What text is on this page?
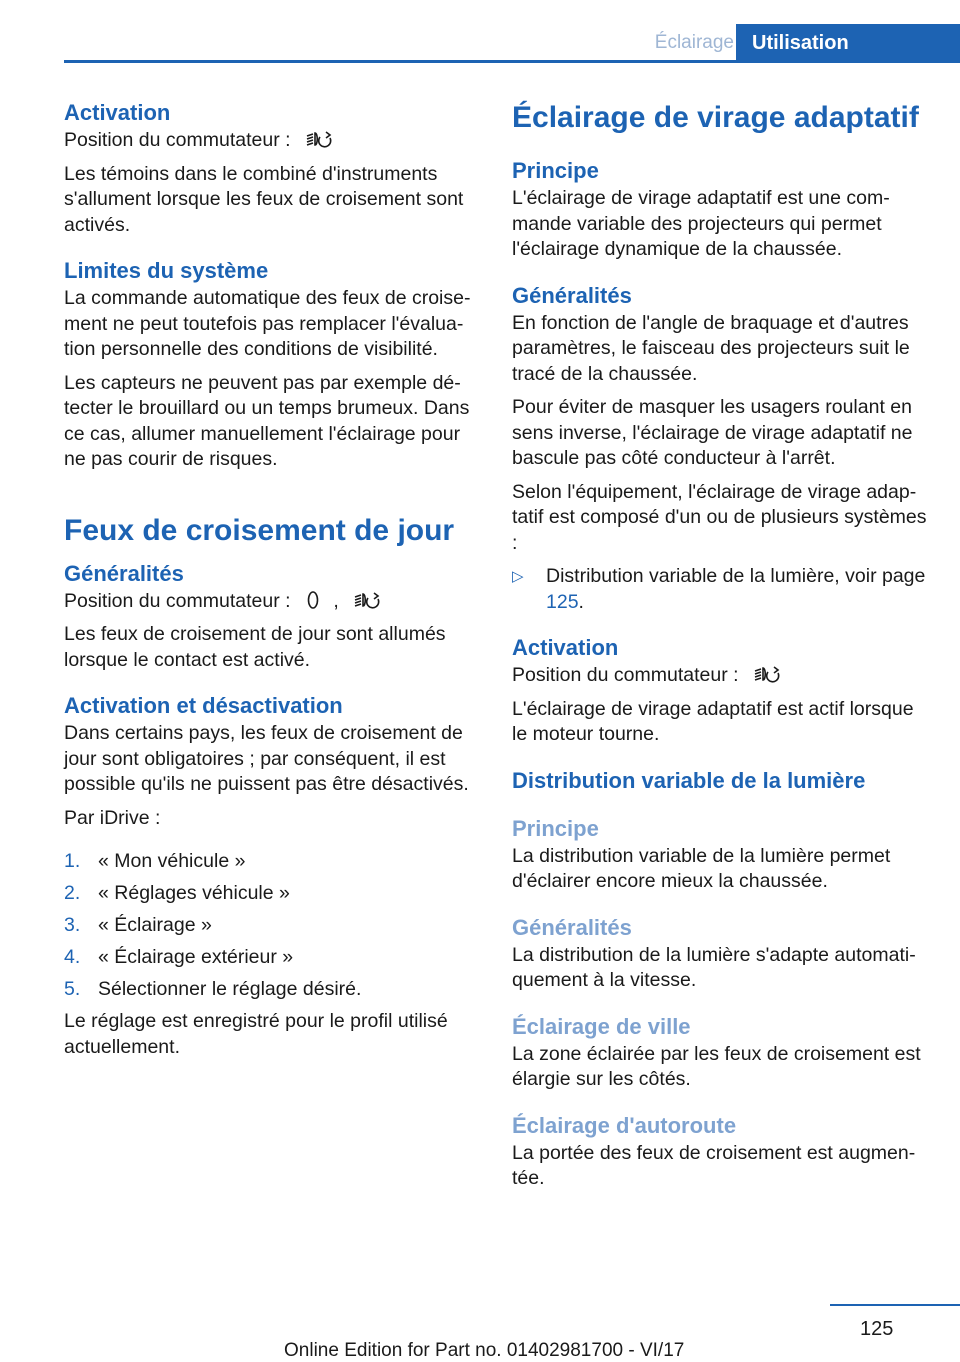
Éclairage Utilisation
Activation

Position du commutateur :

Les témoins dans le combiné d'instruments s'allument lorsque les feux de croisement sont activés.

Limites du système

La commande automatique des feux de croisement ne peut toutefois pas remplacer l'évaluation personnelle des conditions de visibilité.

Les capteurs ne peuvent pas par exemple détecter le brouillard ou un temps brumeux. Dans ce cas, allumer manuellement l'éclairage pour ne pas courir de risques.

Feux de croisement de jour
Généralités

Position du commutateur : ,

Les feux de croisement de jour sont allumés lorsque le contact est activé.

Activation et désactivation

Dans certains pays, les feux de croisement de jour sont obligatoires ; par conséquent, il est possible qu'ils ne puissent pas être désactivés.

Par iDrive :

1. « Mon véhicule »
2. « Réglages véhicule »
3. « Éclairage »
4. « Éclairage extérieur »
5. Sélectionner le réglage désiré.

Le réglage est enregistré pour le profil utilisé actuellement.

Éclairage de virage adaptatif
Principe

L'éclairage de virage adaptatif est une commande variable des projecteurs qui permet l'éclairage dynamique de la chaussée.

Généralités

En fonction de l'angle de braquage et d'autres paramètres, le faisceau des projecteurs suit le tracé de la chaussée.

Pour éviter de masquer les usagers roulant en sens inverse, l'éclairage de virage adaptatif ne bascule pas côté conducteur à l'arrêt.

Selon l'équipement, l'éclairage de virage adaptatif est composé d'un ou de plusieurs systèmes :

▷	Distribution variable de la lumière, voir page 125.
Activation

Position du commutateur :

L'éclairage de virage adaptatif est actif lorsque le moteur tourne.

Distribution variable de la lumière
Principe

La distribution variable de la lumière permet d'éclairer encore mieux la chaussée.

Généralités

La distribution de la lumière s'adapte automatiquement à la vitesse.

Éclairage de ville

La zone éclairée par les feux de croisement est élargie sur les côtés.

Éclairage d'autoroute

La portée des feux de croisement est augmentée.

125
Online Edition for Part no. 01402981700 - VI/17
